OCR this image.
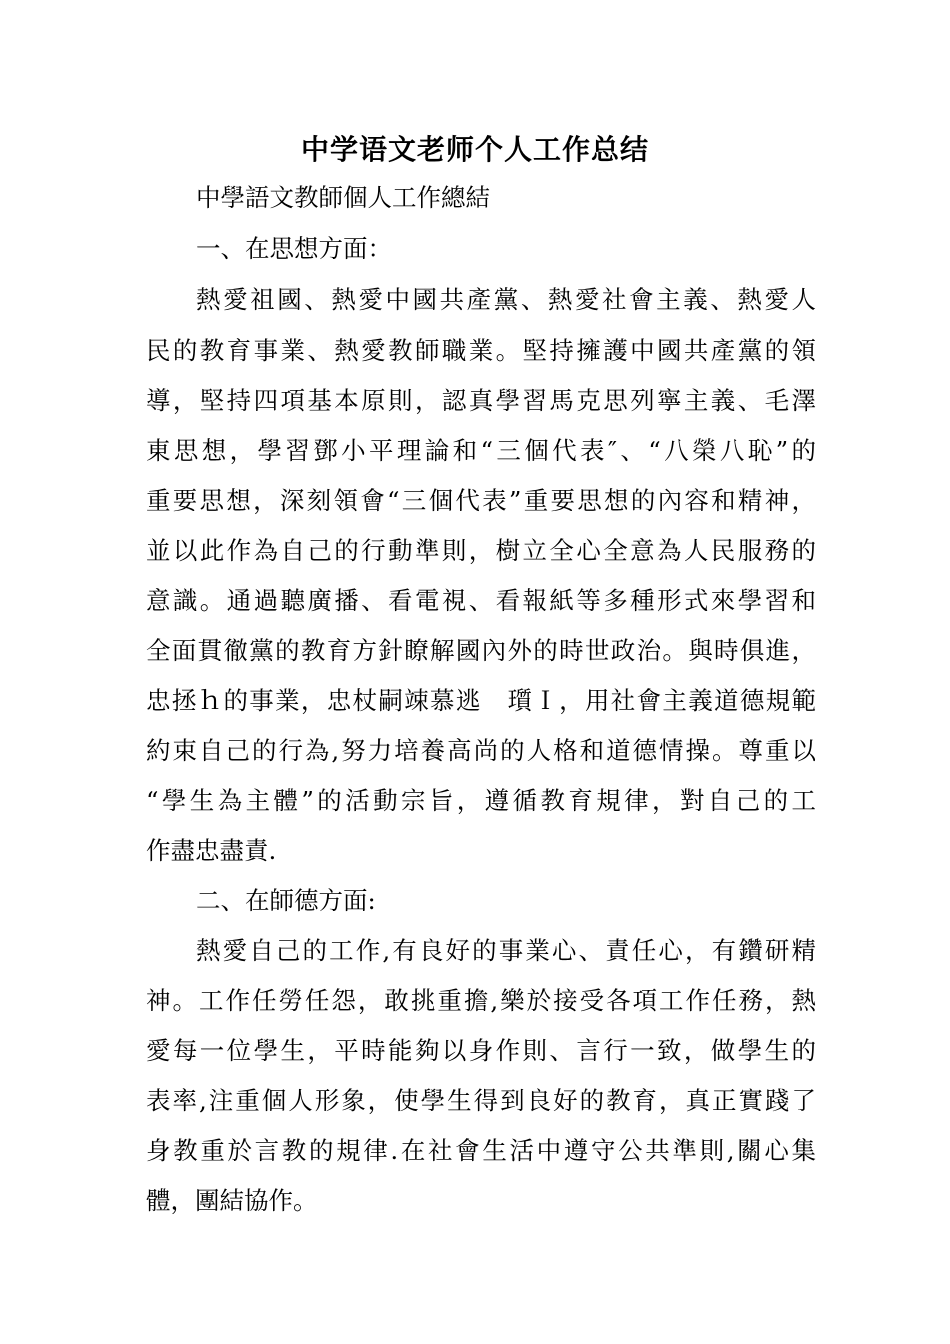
中学语文老师个人工作总结
中學語文教師個人工作總結
一、在思想方面：
熱愛祖國、熱愛中國共產黨、熱愛社會主義、熱愛人
民的教育事業、熱愛教師職業。堅持擁護中國共產黨的領
導，堅持四項基本原則，認真學習馬克思列寧主義、毛澤
東思想，學習鄧小平理論和“三個代表″、“八榮八恥”的
重要思想，深刻領會“三個代表”重要思想的內容和精神，
並以此作為自己的行動準則，樹立全心全意為人民服務的
意識。通過聽廣播、看電視、看報紙等多種形式來學習和
全面貫徹黨的教育方針瞭解國內外的時世政治。與時俱進，
忠拯ｈ的事業，忠杖嗣竦慕逃　瓆Ｉ，用社會主義道德規範
約束自己的行為,努力培養高尚的人格和道德情操。尊重以
“學生為主體”的活動宗旨，遵循教育規律，對自己的工
作盡忠盡責.
二、在師德方面:
熱愛自己的工作,有良好的事業心、責任心，有鑽研精
神。工作任勞任怨，敢挑重擔,樂於接受各項工作任務，熱
愛每一位學生，平時能夠以身作則、言行一致，做學生的
表率,注重個人形象，使學生得到良好的教育，真正實踐了
身教重於言教的規律.在社會生活中遵守公共準則,關心集
體，團結協作。
